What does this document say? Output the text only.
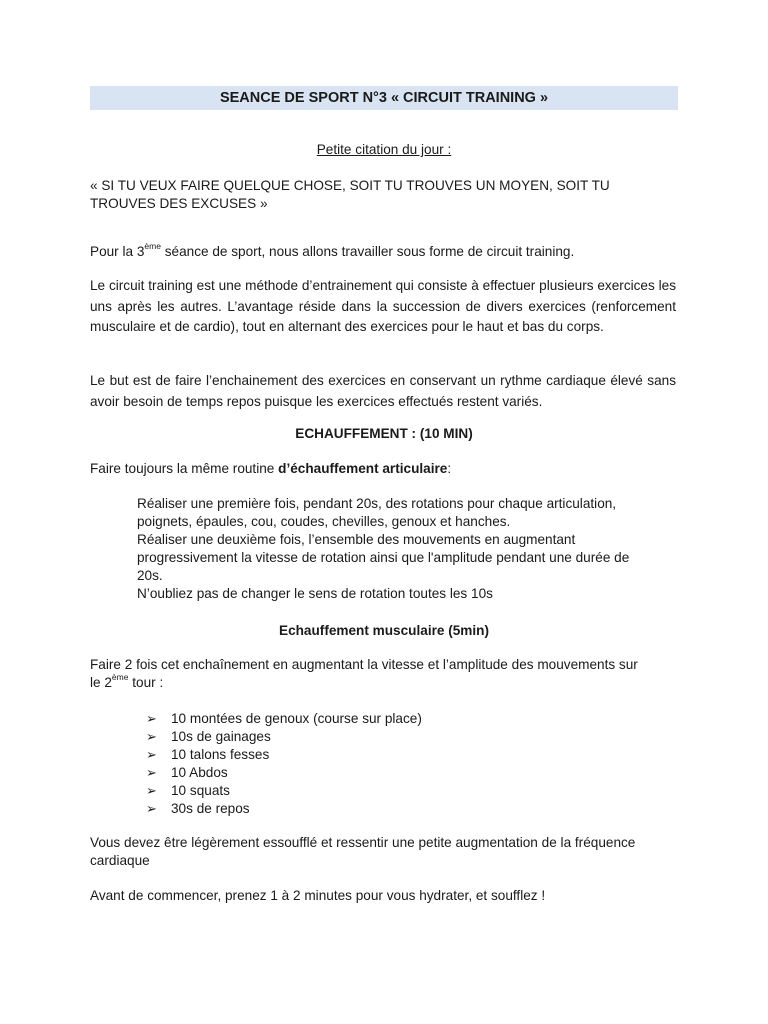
SEANCE DE SPORT N°3 « CIRCUIT TRAINING »
Petite citation du jour :
« SI TU VEUX FAIRE QUELQUE CHOSE, SOIT TU TROUVES UN MOYEN, SOIT TU TROUVES DES EXCUSES »
Pour la 3ème séance de sport, nous allons travailler sous forme de circuit training.
Le circuit training est une méthode d’entrainement qui consiste à effectuer plusieurs exercices les uns après les autres. L’avantage réside dans la succession de divers exercices (renforcement musculaire et de cardio), tout en alternant des exercices pour le haut et bas du corps.
Le but est de faire l’enchainement des exercices en conservant un rythme cardiaque élevé sans avoir besoin de temps repos puisque les exercices effectués restent variés.
ECHAUFFEMENT : (10 MIN)
Faire toujours la même routine d’échauffement articulaire:
Réaliser une première fois, pendant 20s, des rotations pour chaque articulation,
poignets, épaules, cou, coudes, chevilles, genoux et hanches.
Réaliser une deuxième fois, l’ensemble des mouvements en augmentant
progressivement la vitesse de rotation ainsi que l'amplitude pendant une durée de
20s.
N’oubliez pas de changer le sens de rotation toutes les 10s
Echauffement musculaire (5min)
Faire 2 fois cet enchaînement en augmentant la vitesse et l’amplitude des mouvements sur
le 2ème tour :
➢ 10 montées de genoux (course sur place)
➢ 10s de gainages
➢ 10 talons fesses
➢ 10 Abdos
➢ 10 squats
➢ 30s de repos
Vous devez être légèrement essoufflé et ressentir une petite augmentation de la fréquence cardiaque
Avant de commencer, prenez 1 à 2 minutes pour vous hydrater, et soufflez !
